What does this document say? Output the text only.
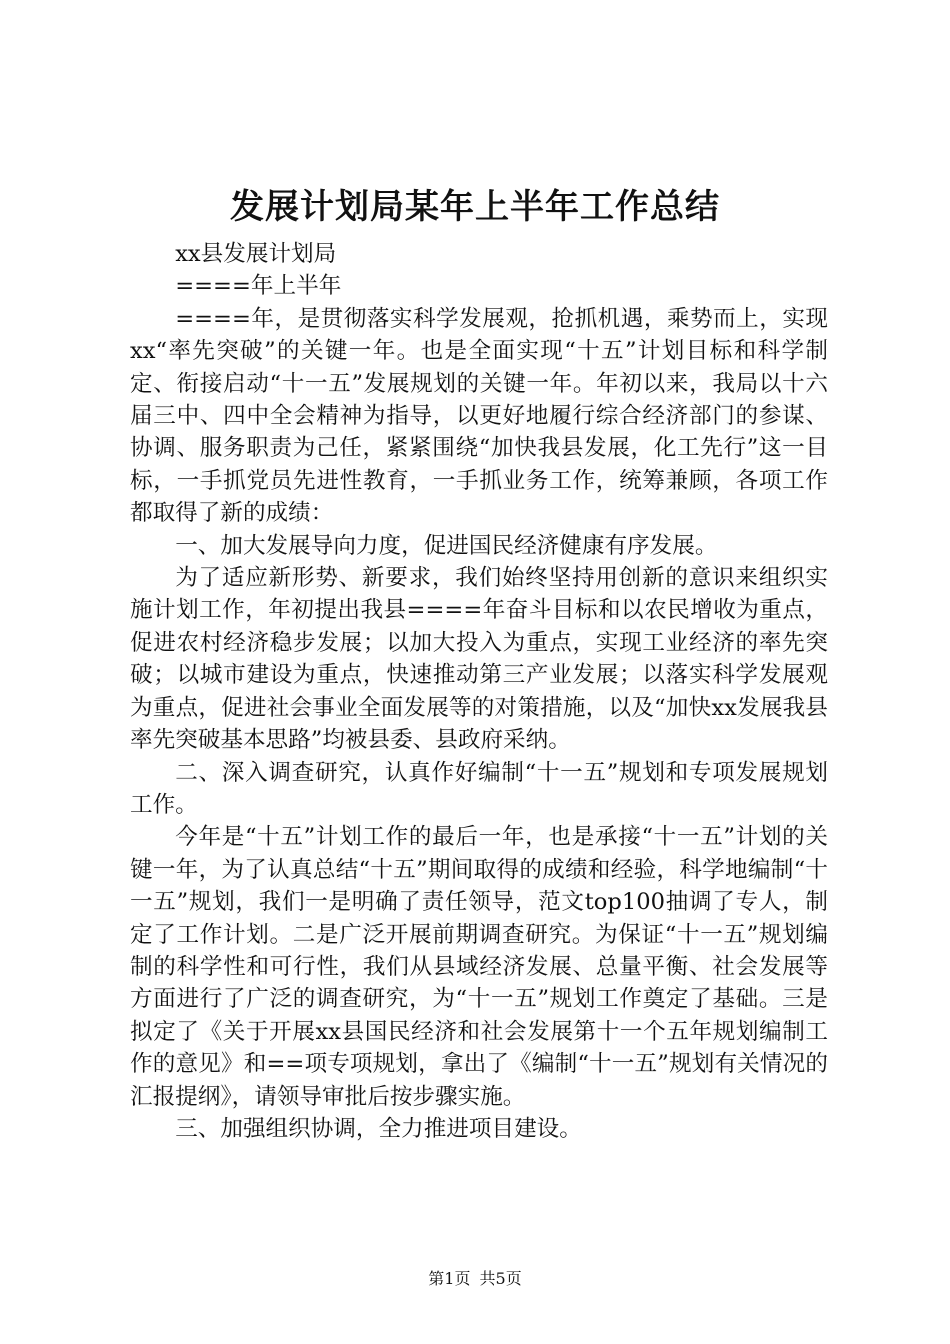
发展计划局某年上半年工作总结

xx县发展计划局

====年上半年

====年，是贯彻落实科学发展观，抢抓机遇，乘势而上，实现xx“率先突破”的关键一年。也是全面实现“十五”计划目标和科学制定、衔接启动“十一五”发展规划的关键一年。年初以来，我局以十六届三中、四中全会精神为指导，以更好地履行综合经济部门的参谋、协调、服务职责为己任，紧紧围绕“加快我县发展，化工先行”这一目标，一手抓党员先进性教育，一手抓业务工作，统筹兼顾，各项工作都取得了新的成绩：

一、加大发展导向力度，促进国民经济健康有序发展。

为了适应新形势、新要求，我们始终坚持用创新的意识来组织实施计划工作，年初提出我县====年奋斗目标和以农民增收为重点，促进农村经济稳步发展；以加大投入为重点，实现工业经济的率先突破；以城市建设为重点，快速推动第三产业发展；以落实科学发展观为重点，促进社会事业全面发展等的对策措施，以及“加快xx发展我县率先突破基本思路”均被县委、县政府采纳。

二、深入调查研究，认真作好编制“十一五”规划和专项发展规划工作。

今年是“十五”计划工作的最后一年，也是承接“十一五”计划的关键一年，为了认真总结“十五”期间取得的成绩和经验，科学地编制“十一五”规划，我们一是明确了责任领导，范文top100抽调了专人，制定了工作计划。二是广泛开展前期调查研究。为保证“十一五”规划编制的科学性和可行性，我们从县域经济发展、总量平衡、社会发展等方面进行了广泛的调查研究，为“十一五”规划工作奠定了基础。三是拟定了《关于开展xx县国民经济和社会发展第十一个五年规划编制工作的意见》和==项专项规划，拿出了《编制“十一五”规划有关情况的汇报提纲》，请领导审批后按步骤实施。

三、加强组织协调，全力推进项目建设。

第1页 共5页
